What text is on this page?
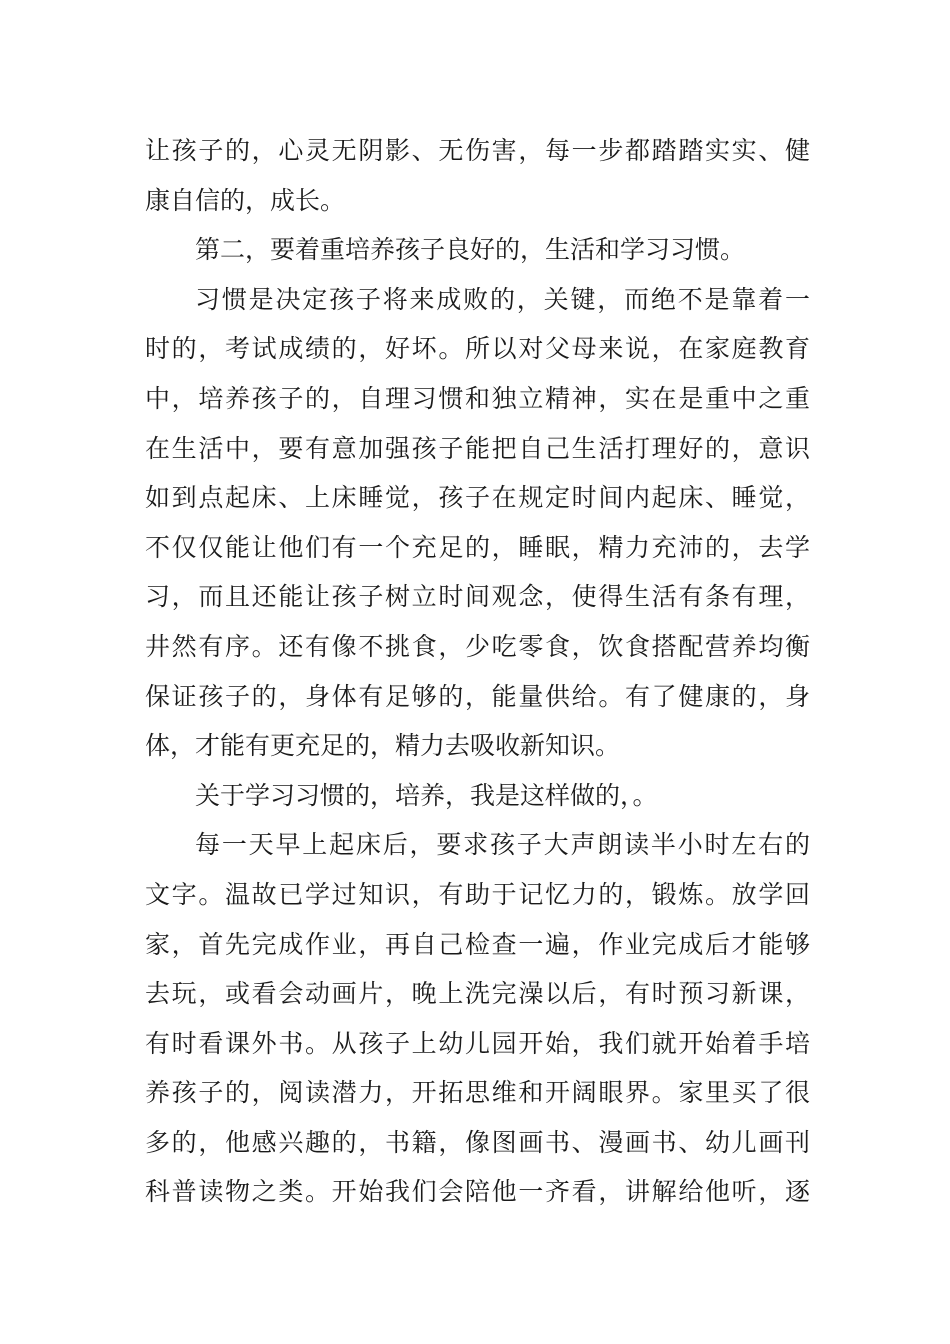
让孩子的，心灵无阴影、无伤害，每一步都踏踏实实、健
康自信的，成长。
第二，要着重培养孩子良好的，生活和学习习惯。
习惯是决定孩子将来成败的，关键，而绝不是靠着一
时的，考试成绩的，好坏。所以对父母来说，在家庭教育
中，培养孩子的，自理习惯和独立精神，实在是重中之重
在生活中，要有意加强孩子能把自己生活打理好的，意识
如到点起床、上床睡觉，孩子在规定时间内起床、睡觉，
不仅仅能让他们有一个充足的，睡眠，精力充沛的，去学
习，而且还能让孩子树立时间观念，使得生活有条有理，
井然有序。还有像不挑食，少吃零食，饮食搭配营养均衡
保证孩子的，身体有足够的，能量供给。有了健康的，身
体，才能有更充足的，精力去吸收新知识。
关于学习习惯的，培养，我是这样做的，。
每一天早上起床后，要求孩子大声朗读半小时左右的
文字。温故已学过知识，有助于记忆力的，锻炼。放学回
家，首先完成作业，再自己检查一遍，作业完成后才能够
去玩，或看会动画片，晚上洗完澡以后，有时预习新课，
有时看课外书。从孩子上幼儿园开始，我们就开始着手培
养孩子的，阅读潜力，开拓思维和开阔眼界。家里买了很
多的，他感兴趣的，书籍，像图画书、漫画书、幼儿画刊
科普读物之类。开始我们会陪他一齐看，讲解给他听，逐
